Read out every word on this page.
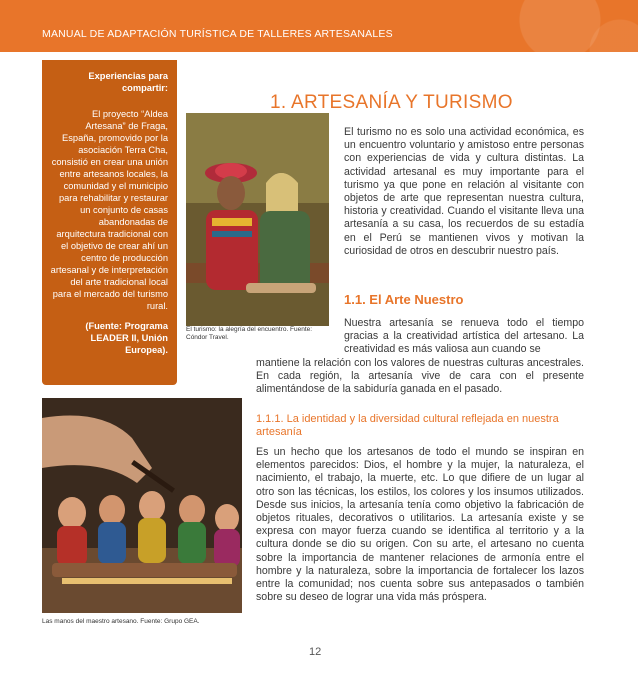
MANUAL DE ADAPTACIÓN TURÍSTICA DE TALLERES ARTESANALES
Experiencias para compartir:
El proyecto “Aldea Artesana” de Fraga, España, promovido por la asociación Terra Cha, consistió en crear una unión entre artesanos locales, la comunidad y el municipio para rehabilitar y restaurar un conjunto de casas abandonadas de arquitectura tradicional con el objetivo de crear ahí un centro de producción artesanal y de interpretación del arte tradicional local para el mercado del turismo rural.
(Fuente: Programa LEADER II, Unión Europea).
El turismo: la alegría del encuentro. Fuente: Cóndor Travel.
Las manos del maestro artesano. Fuente: Grupo GEA.
1. ARTESANÍA Y TURISMO
El turismo no es solo una actividad económica, es un encuentro voluntario y amistoso entre personas con experiencias de vida y cultura distintas. La actividad artesanal es muy importante para el turismo ya que pone en relación al visitante con objetos de arte que representan nuestra cultura, historia y creatividad. Cuando el visitante lleva una artesanía a su casa, los recuerdos de su estadía en el Perú se mantienen vivos y motivan la curiosidad de otros en descubrir nuestro país.
1.1. El Arte Nuestro
Nuestra artesanía se renueva todo el tiempo gracias a la creatividad artística del artesano. La creatividad es más valiosa aun cuando se
mantiene la relación con los valores de nuestras culturas ancestrales. En cada región, la artesanía vive de cara con el presente alimentándose de la sabiduría ganada en el pasado.
1.1.1. La identidad y la diversidad cultural reflejada en nuestra artesanía
Es un hecho que los artesanos de todo el mundo se inspiran en elementos parecidos: Dios, el hombre y la mujer, la naturaleza, el nacimiento, el trabajo, la muerte, etc. Lo que difiere de un lugar al otro son las técnicas, los estilos, los colores y los insumos utilizados. Desde sus inicios, la artesanía tenía como objetivo la fabricación de objetos rituales, decorativos o utilitarios. La artesanía existe y se expresa con mayor fuerza cuando se identifica al territorio y a la cultura donde se dio su origen. Con su arte, el artesano no cuenta sobre la importancia de mantener relaciones de armonía entre el hombre y la naturaleza, sobre la importancia de fortalecer los lazos entre la comunidad; nos cuenta sobre sus antepasados o también sobre su deseo de lograr una vida más próspera.
12
